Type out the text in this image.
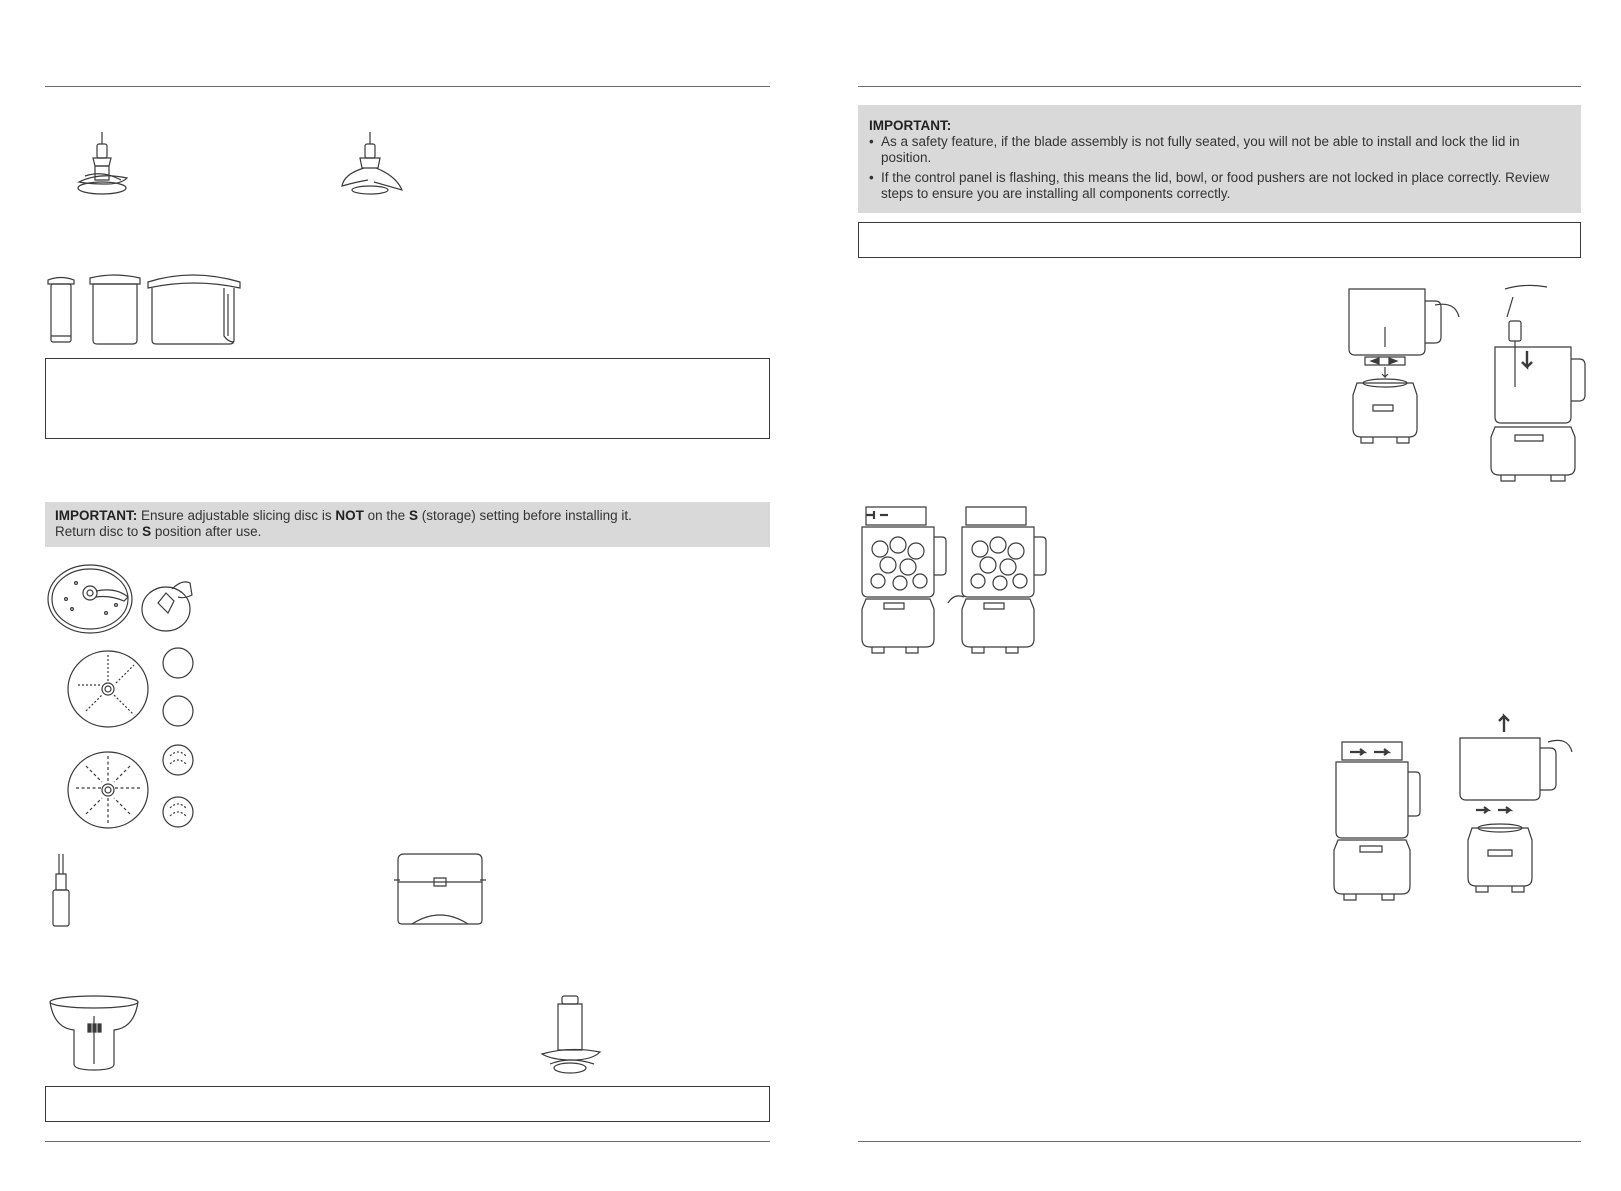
IMPORTANT: Ensure adjustable slicing disc is NOT on the S (storage) setting before installing it.
Return disc to S position after use.
IMPORTANT:
• As a safety feature, if the blade assembly is not fully seated, you will not be able to install and lock the lid in position.
• If the control panel is flashing, this means the lid, bowl, or food pushers are not locked in place correctly. Review steps to ensure you are installing all components correctly.
